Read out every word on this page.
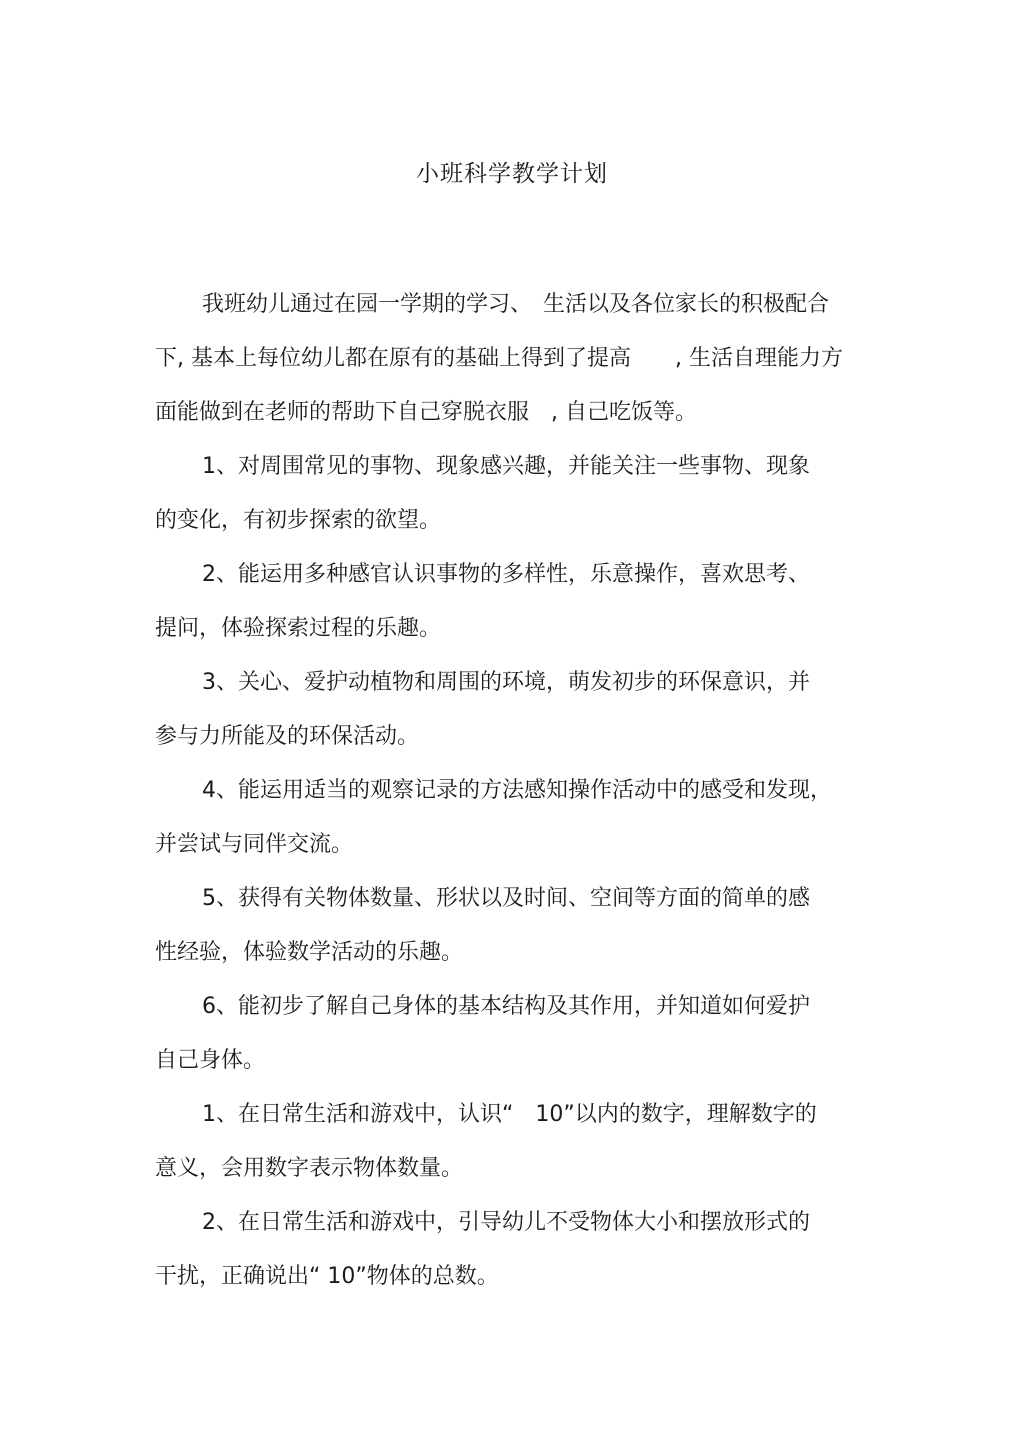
小班科学教学计划

我班幼儿通过在园一学期的学习、　生活以及各位家长的积极配合

下, 基本上每位幼儿都在原有的基础上得到了提高　　, 生活自理能力方

面能做到在老师的帮助下自己穿脱衣服　, 自己吃饭等。

1、对周围常见的事物、现象感兴趣，并能关注一些事物、现象

的变化，有初步探索的欲望。

2、能运用多种感官认识事物的多样性，乐意操作，喜欢思考、

提问，体验探索过程的乐趣。

3、关心、爱护动植物和周围的环境，萌发初步的环保意识，并

参与力所能及的环保活动。

4、能运用适当的观察记录的方法感知操作活动中的感受和发现，

并尝试与同伴交流。

5、获得有关物体数量、形状以及时间、空间等方面的简单的感

性经验，体验数学活动的乐趣。

6、能初步了解自己身体的基本结构及其作用，并知道如何爱护

自己身体。

1、在日常生活和游戏中，认识“　10”以内的数字，理解数字的

意义，会用数字表示物体数量。

2、在日常生活和游戏中，引导幼儿不受物体大小和摆放形式的

干扰，正确说出“ 10”物体的总数。
